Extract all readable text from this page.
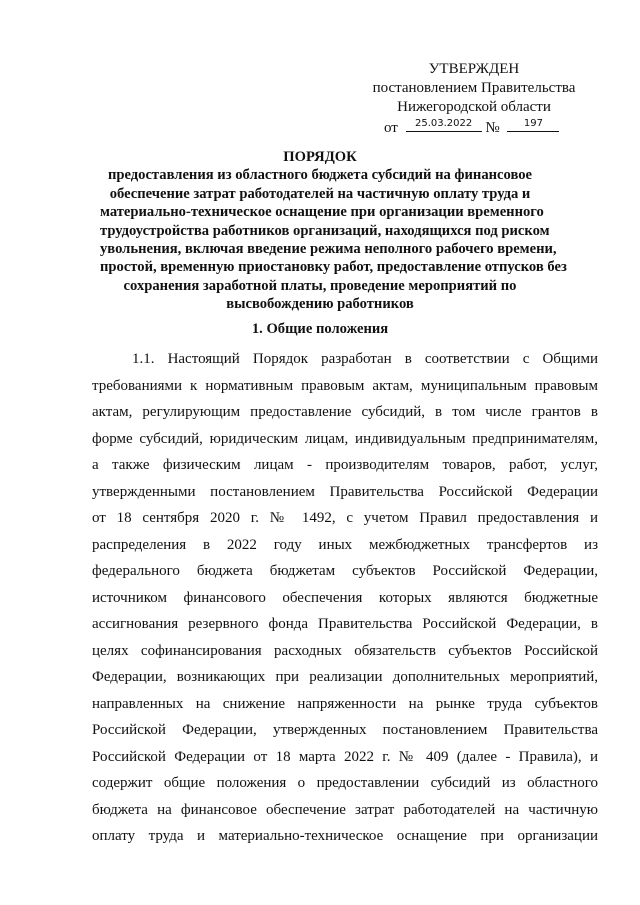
УТВЕРЖДЕН
постановлением Правительства
Нижегородской области
от	25.03.2022 №	197
ПОРЯДОК
предоставления из областного бюджета субсидий на финансовое
обеспечение затрат работодателей на частичную оплату труда и
материально-техническое оснащение при организации временного
трудоустройства работников организаций, находящихся под риском
увольнения, включая введение режима неполного рабочего времени,
простой, временную приостановку работ, предоставление отпусков без
сохранения заработной платы, проведение мероприятий по
высвобождению работников
1. Общие положения
1.1. Настоящий Порядок разработан в соответствии с Общими
требованиями к нормативным правовым актам, муниципальным правовым
актам, регулирующим предоставление субсидий, в том числе грантов в
форме субсидий, юридическим лицам, индивидуальным предпринимателям,
а также физическим лицам - производителям товаров, работ, услуг,
утвержденными постановлением Правительства Российской Федерации
от 18 сентября 2020 г. № 1492, с учетом Правил предоставления и
распределения в 2022 году иных межбюджетных трансфертов из
федерального бюджета бюджетам субъектов Российской Федерации,
источником финансового обеспечения которых являются бюджетные
ассигнования резервного фонда Правительства Российской Федерации, в
целях софинансирования расходных обязательств субъектов Российской
Федерации, возникающих при реализации дополнительных мероприятий,
направленных на снижение напряженности на рынке труда субъектов
Российской Федерации, утвержденных постановлением Правительства
Российской Федерации от 18 марта 2022 г. № 409 (далее - Правила), и
содержит общие положения о предоставлении субсидий из областного
бюджета на финансовое обеспечение затрат работодателей на частичную
оплату труда и материально-техническое оснащение при организации
